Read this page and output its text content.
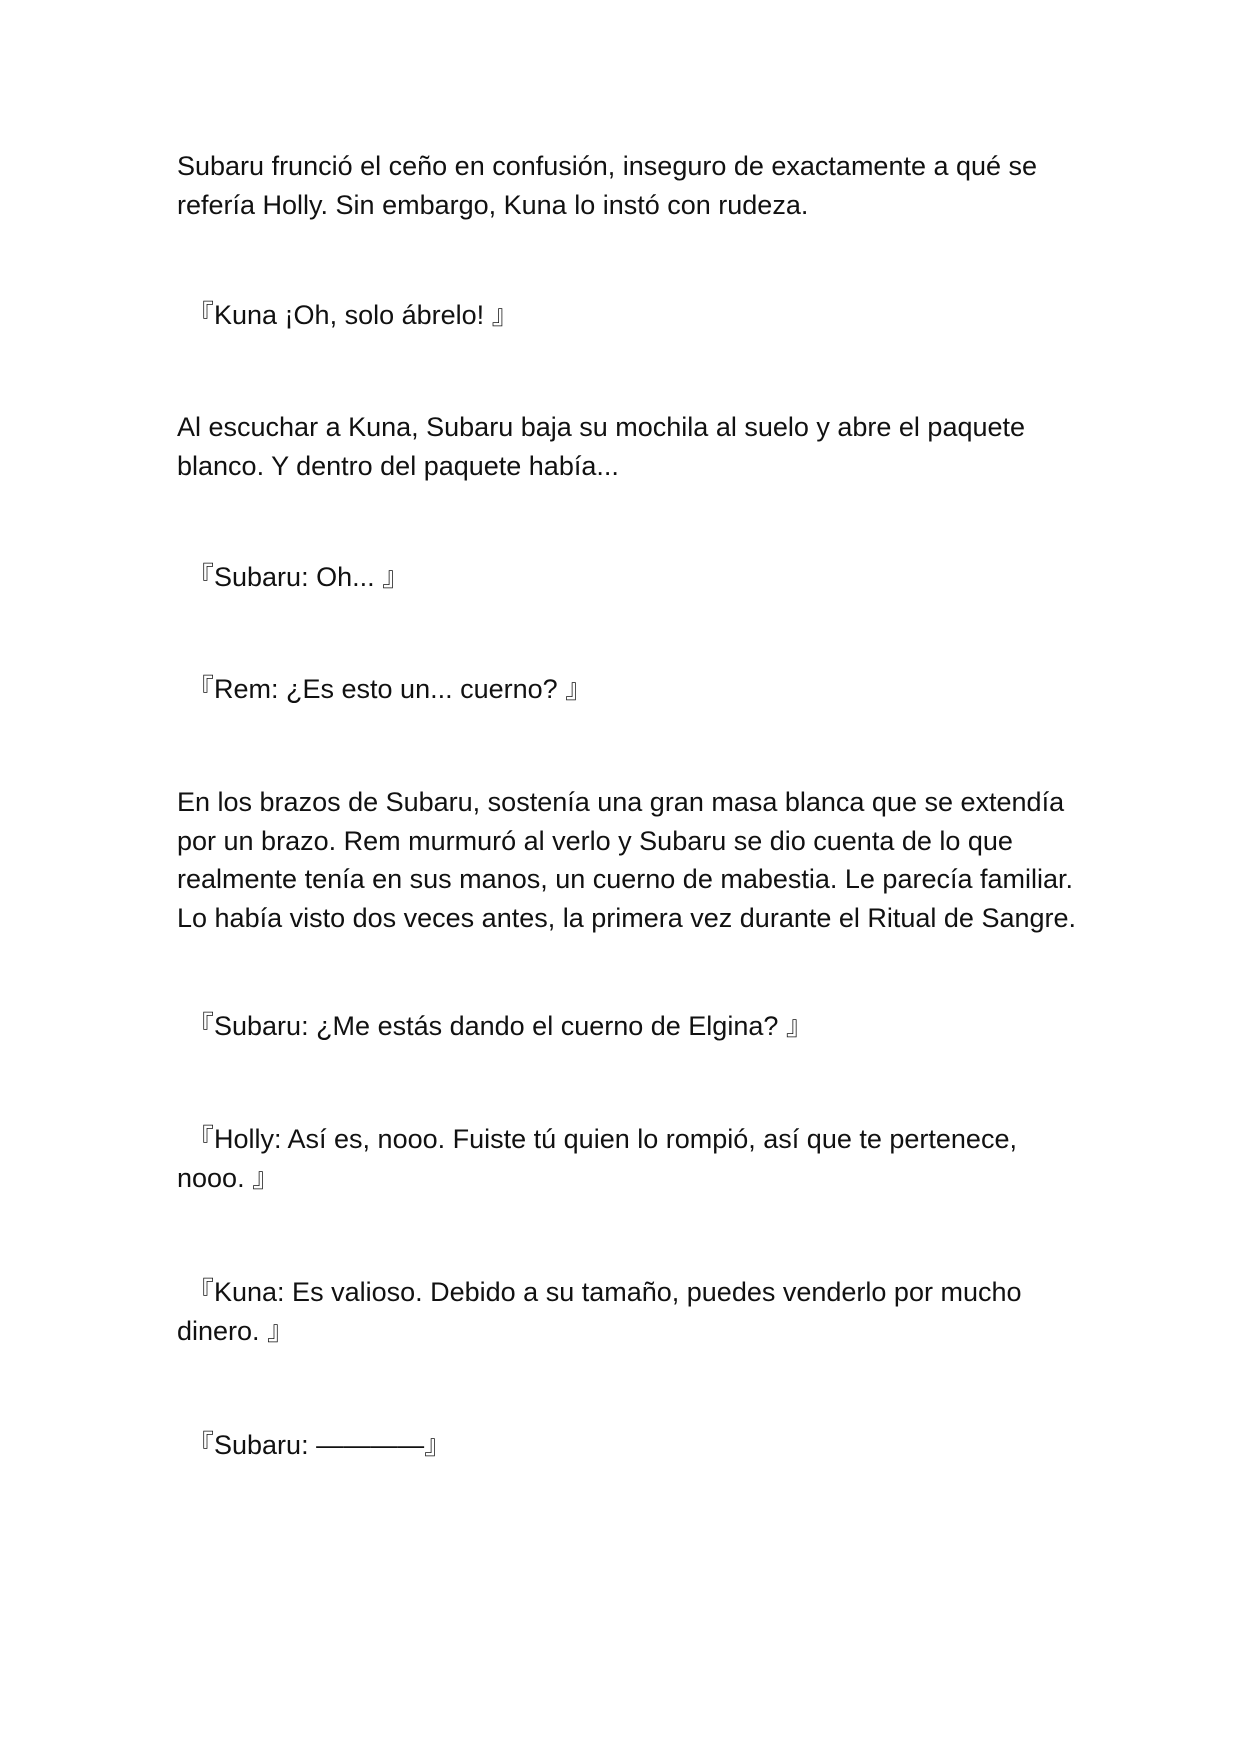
Subaru frunció el ceño en confusión, inseguro de exactamente a qué se
refería Holly. Sin embargo, Kuna lo instó con rudeza.

『Kuna ¡Oh, solo ábrelo! 』

Al escuchar a Kuna, Subaru baja su mochila al suelo y abre el paquete
blanco. Y dentro del paquete había...

『Subaru: Oh... 』

『Rem: ¿Es esto un... cuerno? 』

En los brazos de Subaru, sostenía una gran masa blanca que se extendía
por un brazo. Rem murmuró al verlo y Subaru se dio cuenta de lo que
realmente tenía en sus manos, un cuerno de mabestia. Le parecía familiar.
Lo había visto dos veces antes, la primera vez durante el Ritual de Sangre.

『Subaru: ¿Me estás dando el cuerno de Elgina? 』

『Holly: Así es, nooo. Fuiste tú quien lo rompió, así que te pertenece,
nooo. 』

『Kuna: Es valioso. Debido a su tamaño, puedes venderlo por mucho
dinero. 』

『Subaru: ————』
